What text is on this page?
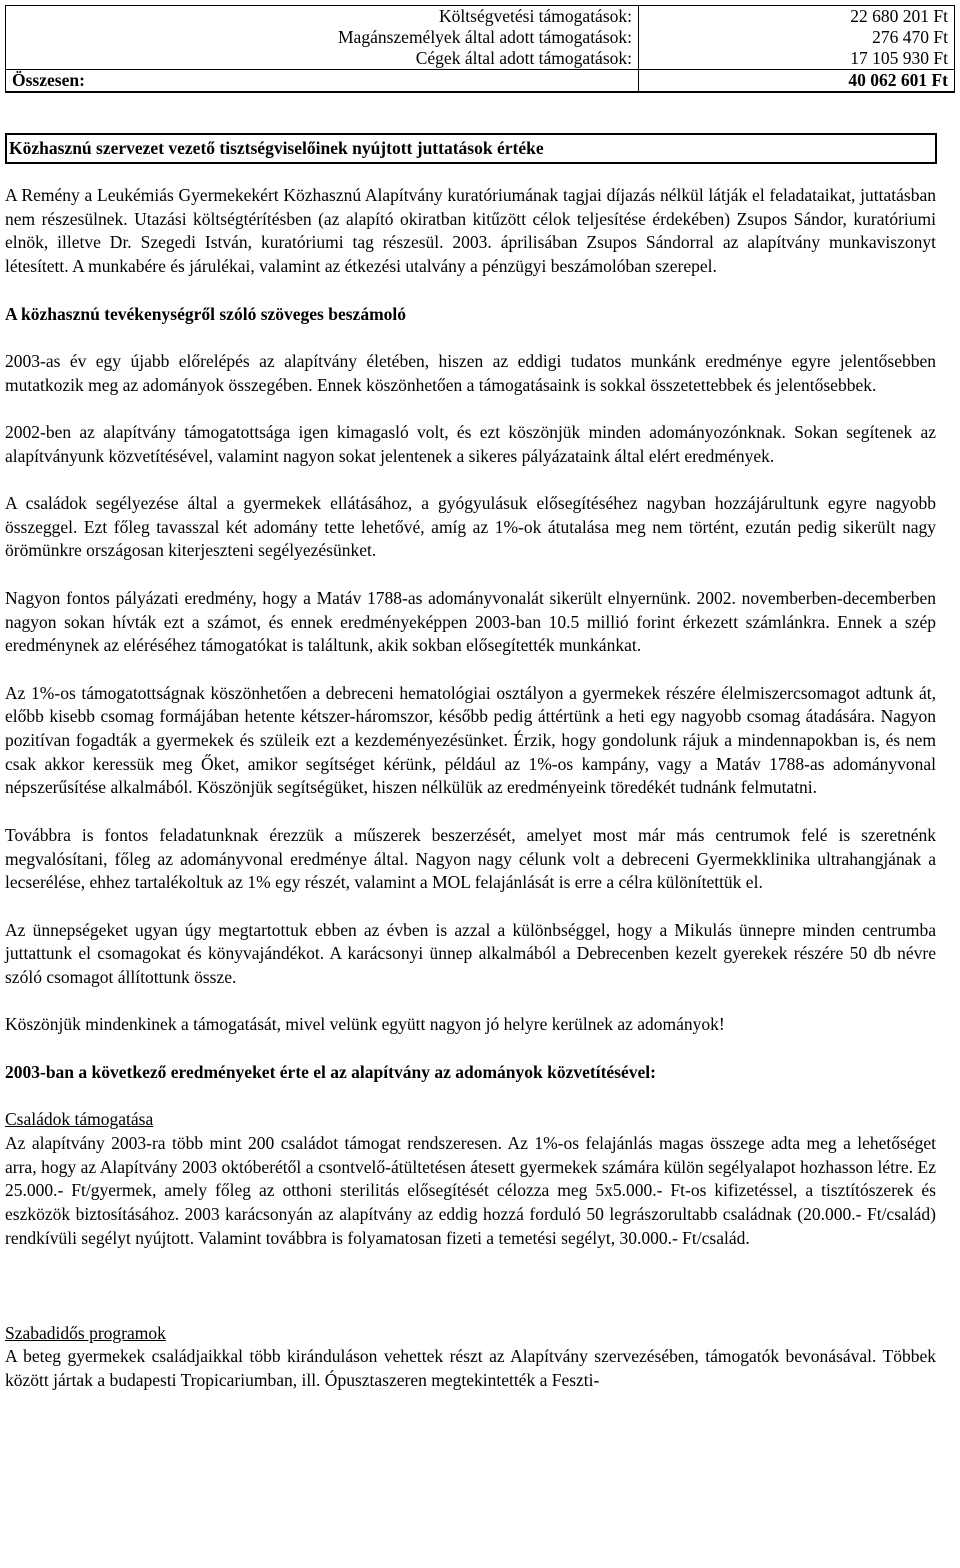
Költségvetési támogatások:	22 680 201 Ft
Magánszemélyek által adott támogatások:	276 470 Ft
Cégek által adott támogatások:	17 105 930 Ft
Összesen:	40 062 601 Ft
Közhasznú szervezet vezető tisztségviselőinek nyújtott juttatások értéke

A Remény a Leukémiás Gyermekekért Közhasznú Alapítvány kuratóriumának tagjai díjazás nélkül látják el feladataikat, juttatásban nem részesülnek. Utazási költségtérítésben (az alapító okiratban kitűzött célok teljesítése érdekében) Zsupos Sándor, kuratóriumi elnök, illetve Dr. Szegedi István, kuratóriumi tag részesül. 2003. áprilisában Zsupos Sándorral az alapítvány munkaviszonyt létesített. A munkabére és járulékai, valamint az étkezési utalvány a pénzügyi beszámolóban szerepel.

A közhasznú tevékenységről szóló szöveges beszámoló

2003-as év egy újabb előrelépés az alapítvány életében, hiszen az eddigi tudatos munkánk eredménye egyre jelentősebben mutatkozik meg az adományok összegében. Ennek köszönhetően a támogatásaink is sokkal összetettebbek és jelentősebbek.

2002-ben az alapítvány támogatottsága igen kimagasló volt, és ezt köszönjük minden adományozónknak. Sokan segítenek az alapítványunk közvetítésével, valamint nagyon sokat jelentenek a sikeres pályázataink által elért eredmények.

A családok segélyezése által a gyermekek ellátásához, a gyógyulásuk elősegítéséhez nagyban hozzájárultunk egyre nagyobb összeggel. Ezt főleg tavasszal két adomány tette lehetővé, amíg az 1%-ok átutalása meg nem történt, ezután pedig sikerült nagy örömünkre országosan kiterjeszteni segélyezésünket.

Nagyon fontos pályázati eredmény, hogy a Matáv 1788-as adományvonalát sikerült elnyernünk. 2002. novemberben-decemberben nagyon sokan hívták ezt a számot, és ennek eredményeképpen 2003-ban 10.5 millió forint érkezett számlánkra. Ennek a szép eredménynek az eléréséhez támogatókat is találtunk, akik sokban elősegítették munkánkat.

Az 1%-os támogatottságnak köszönhetően a debreceni hematológiai osztályon a gyermekek részére élelmiszercsomagot adtunk át, előbb kisebb csomag formájában hetente kétszer-háromszor, később pedig áttértünk a heti egy nagyobb csomag átadására. Nagyon pozitívan fogadták a gyermekek és szüleik ezt a kezdeményezésünket. Érzik, hogy gondolunk rájuk a mindennapokban is, és nem csak akkor keressük meg Őket, amikor segítséget kérünk, például az 1%-os kampány, vagy a Matáv 1788-as adományvonal népszerűsítése alkalmából. Köszönjük segítségüket, hiszen nélkülük az eredményeink töredékét tudnánk felmutatni.

Továbbra is fontos feladatunknak érezzük a műszerek beszerzését, amelyet most már más centrumok felé is szeretnénk megvalósítani, főleg az adományvonal eredménye által. Nagyon nagy célunk volt a debreceni Gyermekklinika ultrahangjának a lecserélése, ehhez tartalékoltuk az 1% egy részét, valamint a MOL felajánlását is erre a célra különítettük el.

Az ünnepségeket ugyan úgy megtartottuk ebben az évben is azzal a különbséggel, hogy a Mikulás ünnepre minden centrumba juttattunk el csomagokat és könyvajándékot. A karácsonyi ünnep alkalmából a Debrecenben kezelt gyerekek részére 50 db névre szóló csomagot állítottunk össze.

Köszönjük mindenkinek a támogatását, mivel velünk együtt nagyon jó helyre kerülnek az adományok!

2003-ban a következő eredményeket érte el az alapítvány az adományok közvetítésével:

Családok támogatása

Az alapítvány 2003-ra több mint 200 családot támogat rendszeresen. Az 1%-os felajánlás magas összege adta meg a lehetőséget arra, hogy az Alapítvány 2003 októberétől a csontvelő-átültetésen átesett gyermekek számára külön segélyalapot hozhasson létre. Ez 25.000.- Ft/gyermek, amely főleg az otthoni sterilitás elősegítését célozza meg 5x5.000.- Ft-os kifizetéssel, a tisztítószerek és eszközök biztosításához. 2003 karácsonyán az alapítvány az eddig hozzá forduló 50 legrászorultabb családnak (20.000.- Ft/család) rendkívüli segélyt nyújtott. Valamint továbbra is folyamatosan fizeti a temetési segélyt, 30.000.- Ft/család.

Szabadidős programok

A beteg gyermekek családjaikkal több kiránduláson vehettek részt az Alapítvány szervezésében, támogatók bevonásával. Többek között jártak a budapesti Tropicariumban, ill. Ópusztaszeren megtekintették a Feszti-
